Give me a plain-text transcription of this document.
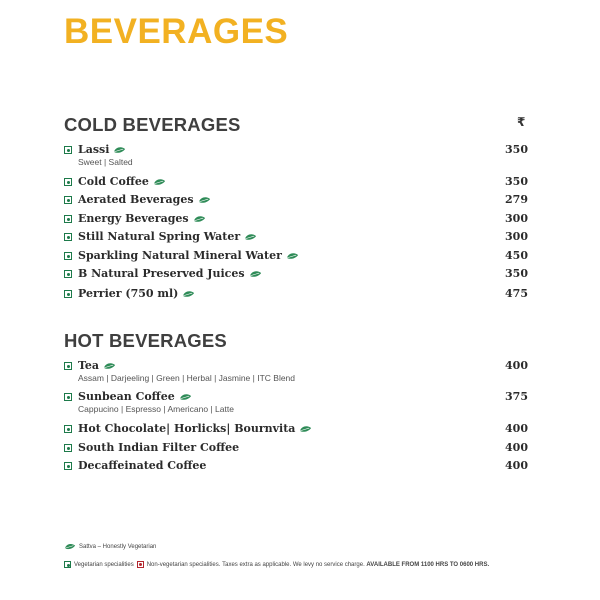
BEVERAGES
COLD BEVERAGES	₹
Lassi	350
Sweet | Salted
Cold Coffee	350
Aerated Beverages	279
Energy Beverages	300
Still Natural Spring Water	300
Sparkling Natural Mineral Water	450
B Natural Preserved Juices	350
Perrier (750 ml)	475
HOT BEVERAGES
Tea	400
Assam | Darjeeling | Green | Herbal | Jasmine | ITC Blend
Sunbean Coffee	375
Cappucino | Espresso | Americano | Latte
Hot Chocolate| Horlicks| Bournvita	400
South Indian Filter Coffee	400
Decaffeinated Coffee	400
Sattva – Honestly Vegetarian
Vegetarian specialities Non-vegetarian specialities.
Taxes extra as applicable. We levy no service charge.
AVAILABLE FROM 1100 HRS TO 0600 HRS.
